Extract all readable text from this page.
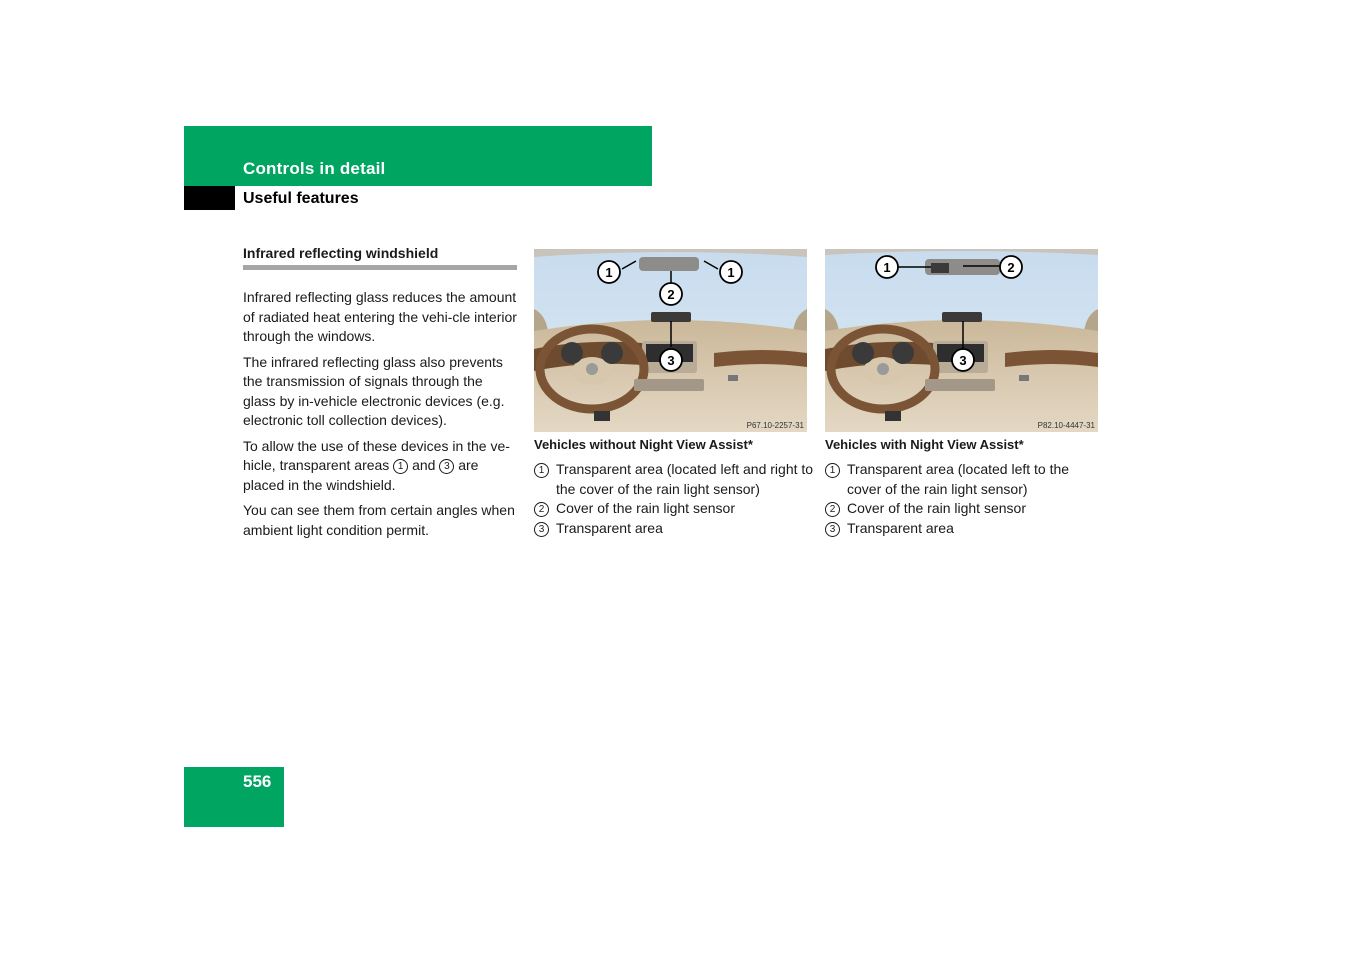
Controls in detail
Useful features
Infrared reflecting windshield
Infrared reflecting glass reduces the amount of radiated heat entering the vehi-cle interior through the windows.
The infrared reflecting glass also prevents the transmission of signals through the glass by in-vehicle electronic devices (e.g. electronic toll collection devices).
To allow the use of these devices in the ve-hicle, transparent areas 1 and 3 are placed in the windshield.
You can see them from certain angles when ambient light condition permit.
1	1
2
3
P67.10-2257-31
Vehicles without Night View Assist*
1 Transparent area (located left and right to the cover of the rain light sensor)
2 Cover of the rain light sensor
3 Transparent area
1	2
3
P82.10-4447-31
Vehicles with Night View Assist*
1 Transparent area (located left to the cover of the rain light sensor)
2 Cover of the rain light sensor
3 Transparent area
556
